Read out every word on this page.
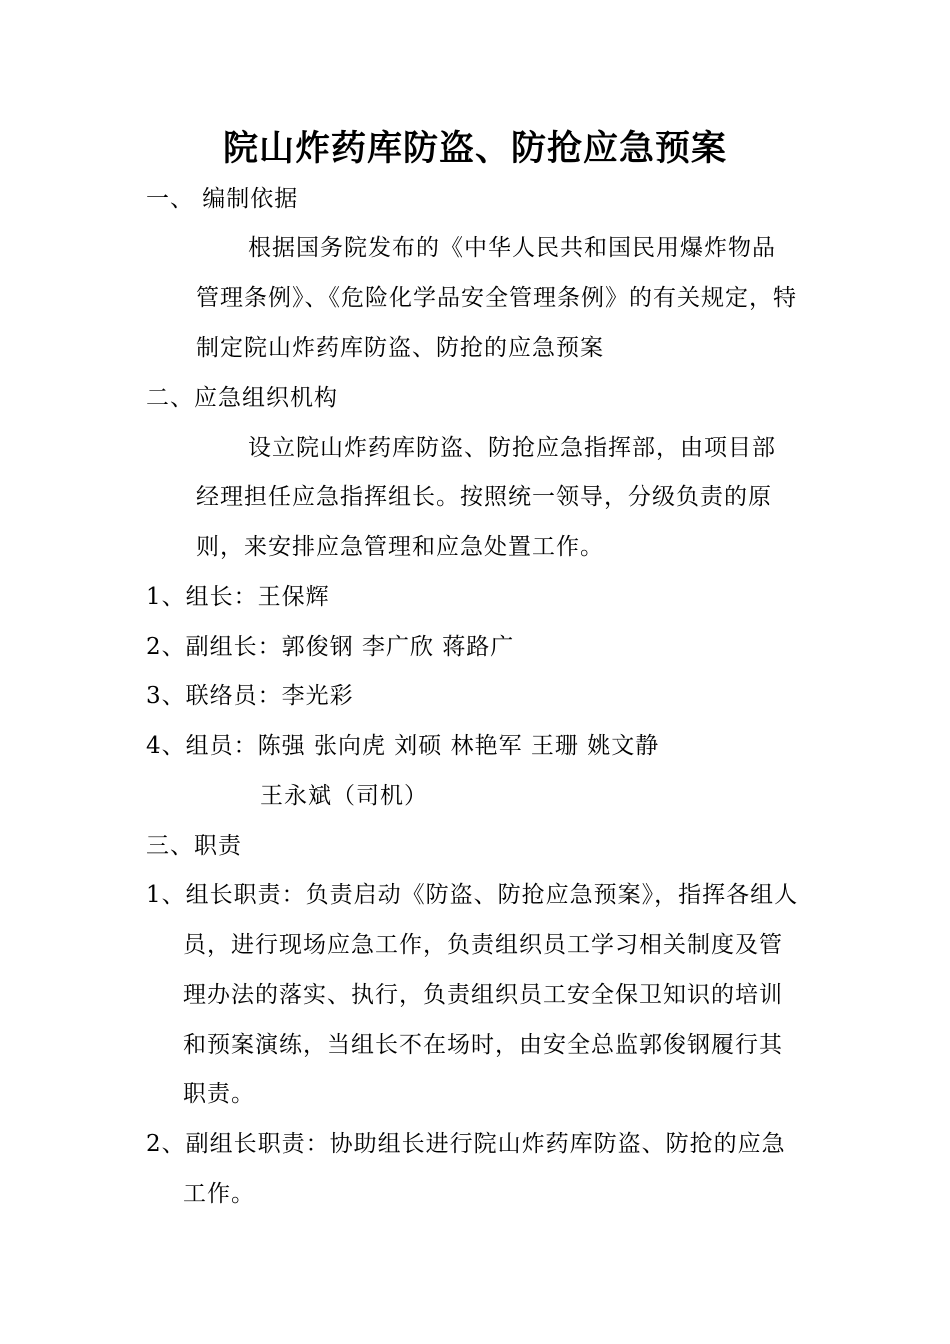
院山炸药库防盗、防抢应急预案
一、 编制依据
根据国务院发布的《中华人民共和国民用爆炸物品
管理条例》、《危险化学品安全管理条例》的有关规定，特
制定院山炸药库防盗、防抢的应急预案
二、应急组织机构
设立院山炸药库防盗、防抢应急指挥部，由项目部
经理担任应急指挥组长。按照统一领导，分级负责的原
则，来安排应急管理和应急处置工作。
1、组长：王保辉
2、副组长：郭俊钢 李广欣 蒋路广
3、联络员：李光彩
4、组员：陈强 张向虎 刘硕 林艳军 王珊 姚文静
王永斌（司机）
三、职责
1、组长职责：负责启动《防盗、防抢应急预案》，指挥各组人
员，进行现场应急工作，负责组织员工学习相关制度及管
理办法的落实、执行，负责组织员工安全保卫知识的培训
和预案演练，当组长不在场时，由安全总监郭俊钢履行其
职责。
2、副组长职责：协助组长进行院山炸药库防盗、防抢的应急
工作。
